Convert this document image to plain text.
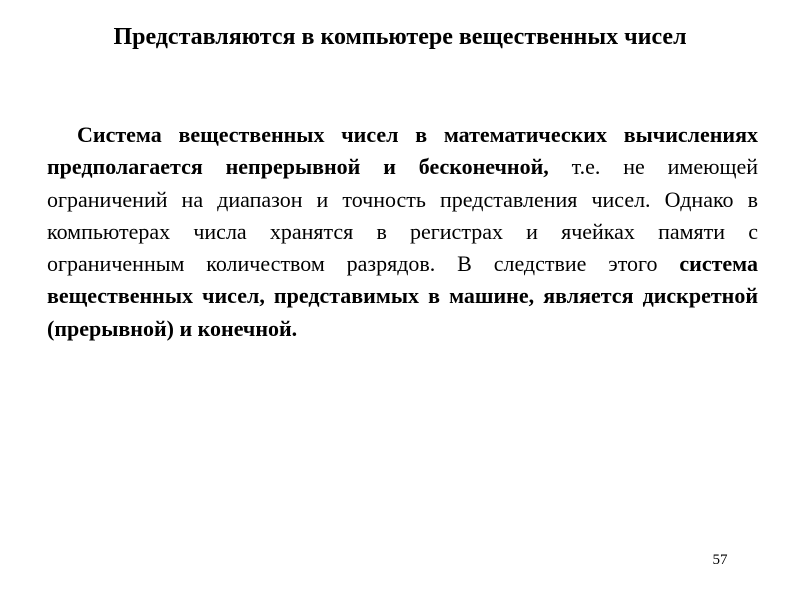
Представляются в компьютере вещественных чисел

Система вещественных чисел в математических вычислениях предполагается непрерывной и бесконечной, т.е. не имеющей ограничений на диапазон и точность представления чисел. Однако в компьютерах числа хранятся в регистрах и ячейках памяти с ограниченным количеством разрядов. В следствие этого система вещественных чисел, представимых в машине, является дискретной (прерывной) и конечной.

57
